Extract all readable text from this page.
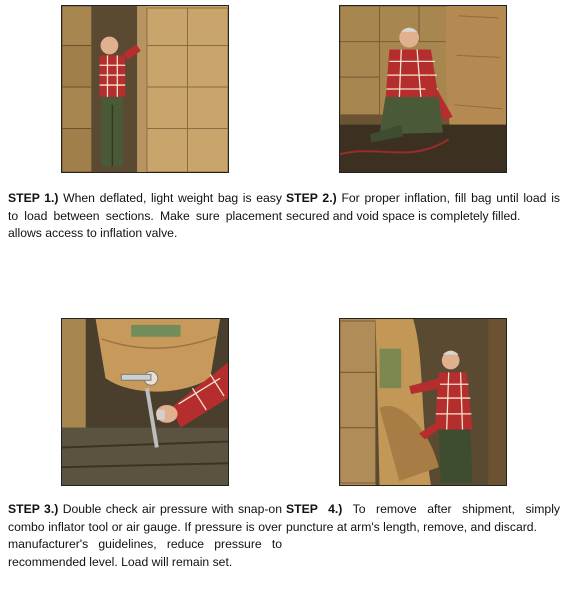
STEP 1.) When deflated, light weight bag is easy to load between sections. Make sure placement allows access to inflation valve.
STEP 2.) For proper inflation, fill bag until load is secured and void space is completely filled.
STEP 3.) Double check air pressure with snap-on combo inflator tool or air gauge. If pressure is over manufacturer's guidelines, reduce pressure to recommended level. Load will remain set.
STEP 4.) To remove after shipment, simply puncture at arm's length, remove, and discard.
